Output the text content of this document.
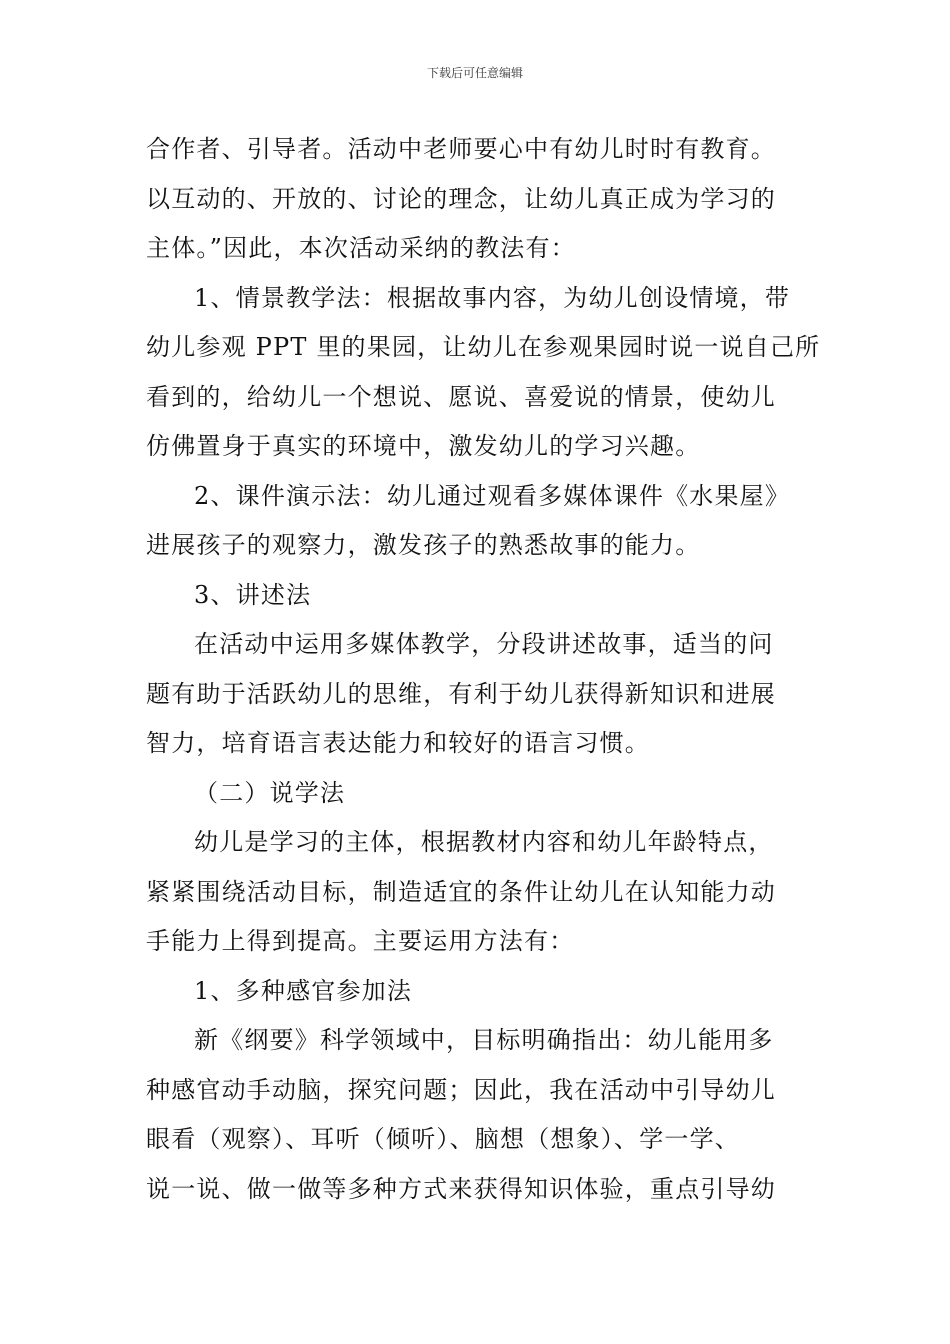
下载后可任意编辑
合作者、引导者。活动中老师要心中有幼儿时时有教育。
以互动的、开放的、讨论的理念，让幼儿真正成为学习的
主体。”因此，本次活动采纳的教法有：
1、情景教学法：根据故事内容，为幼儿创设情境，带
幼儿参观 PPT 里的果园，让幼儿在参观果园时说一说自己所
看到的，给幼儿一个想说、愿说、喜爱说的情景，使幼儿
仿佛置身于真实的环境中，激发幼儿的学习兴趣。
2、课件演示法：幼儿通过观看多媒体课件《水果屋》
进展孩子的观察力，激发孩子的熟悉故事的能力。
3、讲述法
在活动中运用多媒体教学，分段讲述故事，适当的问
题有助于活跃幼儿的思维，有利于幼儿获得新知识和进展
智力，培育语言表达能力和较好的语言习惯。
（二）说学法
幼儿是学习的主体，根据教材内容和幼儿年龄特点，
紧紧围绕活动目标，制造适宜的条件让幼儿在认知能力动
手能力上得到提高。主要运用方法有：
1、多种感官参加法
新《纲要》科学领域中，目标明确指出：幼儿能用多
种感官动手动脑，探究问题；因此，我在活动中引导幼儿
眼看（观察）、耳听（倾听）、脑想（想象）、学一学、
说一说、做一做等多种方式来获得知识体验，重点引导幼
